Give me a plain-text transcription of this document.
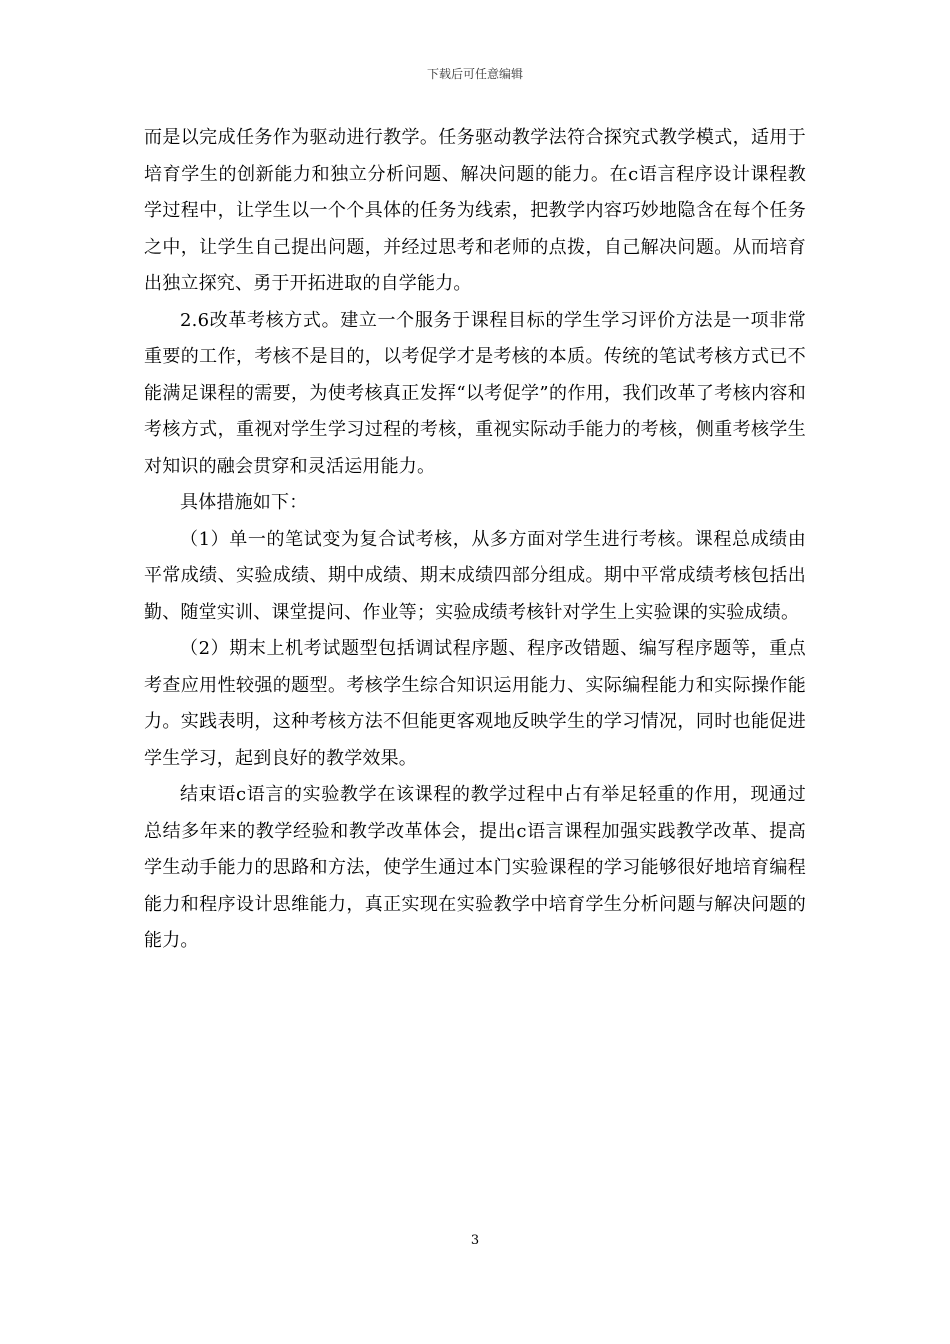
下载后可任意编辑

而是以完成任务作为驱动进行教学。任务驱动教学法符合探究式教学模式，适用于培育学生的创新能力和独立分析问题、解决问题的能力。在c语言程序设计课程教学过程中，让学生以一个个具体的任务为线索，把教学内容巧妙地隐含在每个任务之中，让学生自己提出问题，并经过思考和老师的点拨，自己解决问题。从而培育出独立探究、勇于开拓进取的自学能力。

2.6改革考核方式。建立一个服务于课程目标的学生学习评价方法是一项非常重要的工作，考核不是目的，以考促学才是考核的本质。传统的笔试考核方式已不能满足课程的需要，为使考核真正发挥“以考促学”的作用，我们改革了考核内容和考核方式，重视对学生学习过程的考核，重视实际动手能力的考核，侧重考核学生对知识的融会贯穿和灵活运用能力。

具体措施如下：

（1）单一的笔试变为复合试考核，从多方面对学生进行考核。课程总成绩由平常成绩、实验成绩、期中成绩、期末成绩四部分组成。期中平常成绩考核包括出勤、随堂实训、课堂提问、作业等；实验成绩考核针对学生上实验课的实验成绩。

（2）期末上机考试题型包括调试程序题、程序改错题、编写程序题等，重点考查应用性较强的题型。考核学生综合知识运用能力、实际编程能力和实际操作能力。实践表明，这种考核方法不但能更客观地反映学生的学习情况，同时也能促进学生学习，起到良好的教学效果。

结束语c语言的实验教学在该课程的教学过程中占有举足轻重的作用，现通过总结多年来的教学经验和教学改革体会，提出c语言课程加强实践教学改革、提高学生动手能力的思路和方法，使学生通过本门实验课程的学习能够很好地培育编程能力和程序设计思维能力，真正实现在实验教学中培育学生分析问题与解决问题的能力。

3
